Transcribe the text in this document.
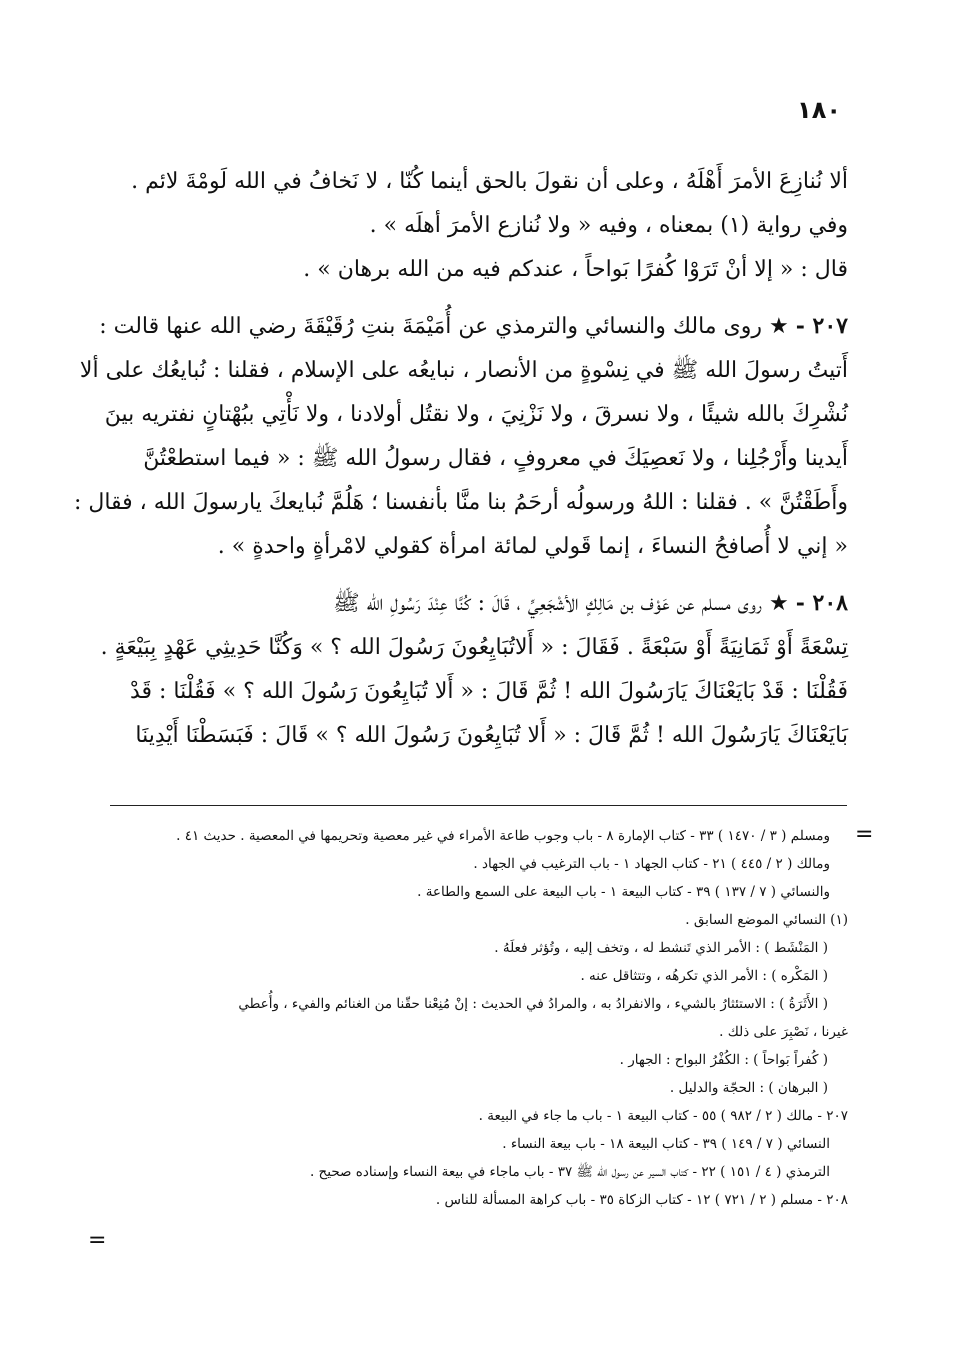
١٨٠

ألا نُنازِعَ الأمرَ أَهْلَهُ ، وعلى أن نقولَ بالحق أينما كُنّا ، لا نَخافُ في الله لَومْةَ لائم .
وفي رواية (١) بمعناه ، وفيه « ولا نُنازع الأمرَ أهلَه » .
قال : « إلا أنْ تَرَوْا كُفرًا بَواحاً ، عندكم فيه من الله برهان » .

٢٠٧ - ★ روى مالك والنسائي والترمذي عن أُمَيْمَةَ بنتِ رُقَيْقَةَ رضي الله عنها قالت :
أَتيتُ رسولَ الله ﷺ في نِسْوةٍ من الأنصار ، نبايعُه على الإسلام ، فقلنا : نُبايعُك على ألا
نُشْرِكَ بالله شيئًا ، ولا نسرقَ ، ولا نَزْنِيَ ، ولا نقتُل أولادنا ، ولا نَأْتِي ببُهْتانٍ نفتريه بينَ
أَيدينا وأَرْجُلِنا ، ولا نَعصِيَكَ في معروفٍ ، فقال رسولُ الله ﷺ : « فيما استطعْتُنَّ
وأَطَقْتُنَّ » . فقلنا : اللهُ ورسولُه أرحَمُ بنا منَّا بأنفسنا ؛ هَلُمَّ نُبايعكَ يارسولَ الله ، فقال :
« إني لا أُصافحُ النساءَ ، إنما قَولي لمائة امرأة كقولي لامْرأةٍ واحدةٍ » .

٢٠٨ - ★ روى مسلم عن عَوْف بن مَالِكٍ الأشْجَعِيِّ ، قَالَ : كُنَّا عِنْدَ رَسُولِ الله ﷺ
تِسْعَةً أَوْ ثَمَانِيَةً أَوْ سَبْعَةً . فَقَالَ : « أَلاتُبَايِعُونَ رَسُولَ الله ؟ » وَكُنَّا حَدِيثِي عَهْدٍ بِبَيْعَةٍ .
فَقُلْنَا : قَدْ بَايَعْنَاكَ يَارَسُولَ الله ! ثُمَّ قَالَ : « أَلا تُبَايِعُونَ رَسُولَ الله ؟ » فَقُلْنَا : قَدْ
بَايَعْنَاكَ يَارَسُولَ الله ! ثُمَّ قَالَ : « أَلا تُبَايِعُونَ رَسُولَ الله ؟ » قَالَ : فَبَسَطْنَا أَيْدِينَا

=
=
ومسلم ( ٣ / ١٤٧٠ ) ٣٣ - كتاب الإمارة ٨ - باب وجوب طاعة الأمراء في غير معصية وتحريمها في المعصية . حديث ٤١ .
ومالك ( ٢ / ٤٤٥ ) ٢١ - كتاب الجهاد ١ - باب الترغيب في الجهاد .
والنسائي ( ٧ / ١٣٧ ) ٣٩ - كتاب البيعة ١ - باب البيعة على السمع والطاعة .
(١) النسائي الموضع السابق .
( المَنْشَط ) : الأمر الذي تَنشط له ، وتخف إليه ، وتُؤثر فعلَهُ .
( المَكْره ) : الأمر الذي تكرهُه ، وتتثاقل عنه .
( الأَثَرَةُ ) : الاستئثارُ بالشيء ، والانفرادُ به ، والمرادُ في الحديث : إنْ مُنِعْنا حقّنا من الغنائم والفيء ، وأُعطي
غيرنا ، نَصْبِرَ على ذلك .
( كُفراً بَواحاً ) : الكُفْرُ البواح : الجهار .
( البرهان ) : الحجّة والدليل .
٢٠٧ - مالك ( ٢ / ٩٨٢ ) ٥٥ - كتاب البيعة ١ - باب ما جاء في البيعة .
النسائي ( ٧ / ١٤٩ ) ٣٩ - كتاب البيعة ١٨ - باب بيعة النساء .
الترمذي ( ٤ / ١٥١ ) ٢٢ - كتاب السير عن رسول الله ﷺ ٣٧ - باب ماجاء في بيعة النساء وإسناده صحيح .
٢٠٨ - مسلم ( ٢ / ٧٢١ ) ١٢ - كتاب الزكاة ٣٥ - باب كراهة المسألة للناس .
